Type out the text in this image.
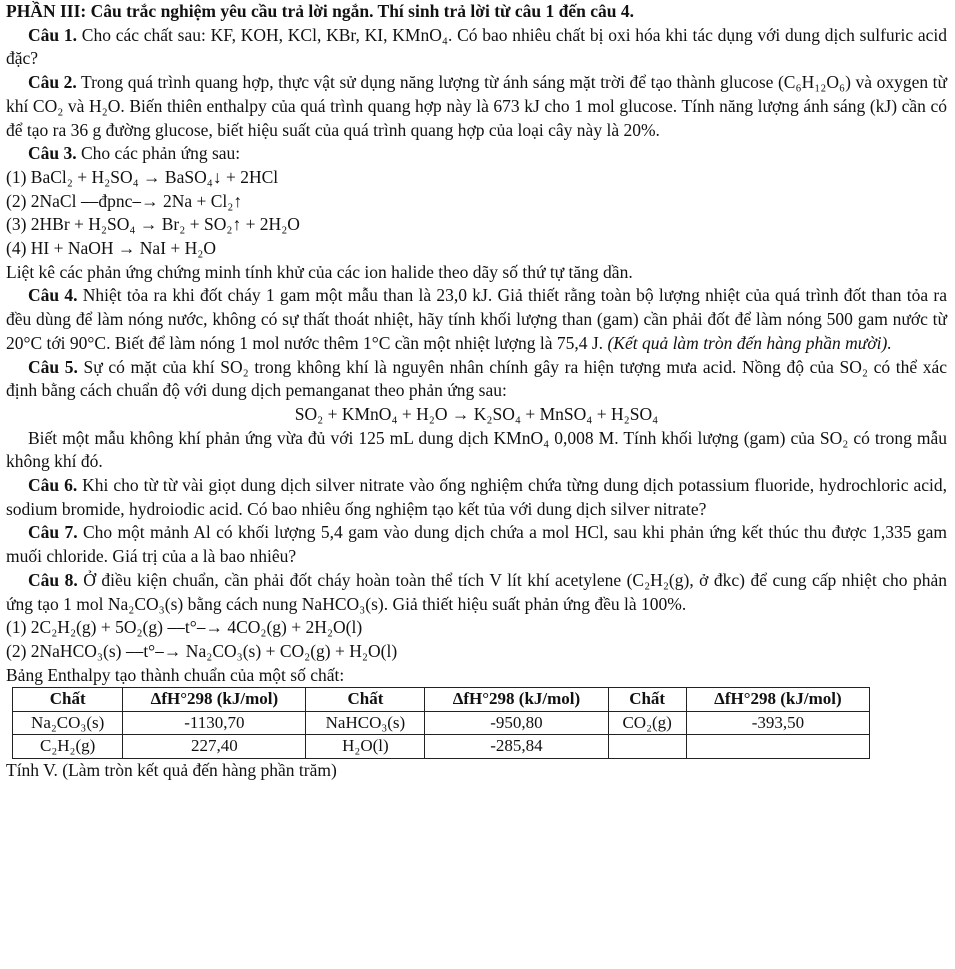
PHẦN III: Câu trắc nghiệm yêu cầu trả lời ngắn. Thí sinh trả lời từ câu 1 đến câu 4.

Câu 1. Cho các chất sau: KF, KOH, KCl, KBr, KI, KMnO₄. Có bao nhiêu chất bị oxi hóa khi tác dụng với dung dịch sulfuric acid đặc?

Câu 2. Trong quá trình quang hợp, thực vật sử dụng năng lượng từ ánh sáng mặt trời để tạo thành glucose (C₆H₁₂O₆) và oxygen từ khí CO₂ và H₂O. Biến thiên enthalpy của quá trình quang hợp này là 673 kJ cho 1 mol glucose. Tính năng lượng ánh sáng (kJ) cần có để tạo ra 36 g đường glucose, biết hiệu suất của quá trình quang hợp của loại cây này là 20%.

Câu 3. Cho các phản ứng sau:

(1) BaCl₂ + H₂SO₄ → BaSO₄↓ + 2HCl

(2) 2NaCl ⎯⎯đpnc⎯→ 2Na + Cl₂↑

(3) 2HBr + H₂SO₄ → Br₂ + SO₂↑ + 2H₂O

(4) HI + NaOH → NaI + H₂O

Liệt kê các phản ứng chứng minh tính khử của các ion halide theo dãy số thứ tự tăng dần.

Câu 4. Nhiệt tỏa ra khi đốt cháy 1 gam một mẫu than là 23,0 kJ. Giả thiết rằng toàn bộ lượng nhiệt của quá trình đốt than tỏa ra đều dùng để làm nóng nước, không có sự thất thoát nhiệt, hãy tính khối lượng than (gam) cần phải đốt để làm nóng 500 gam nước từ 20°C tới 90°C. Biết để làm nóng 1 mol nước thêm 1°C cần một nhiệt lượng là 75,4 J. (Kết quả làm tròn đến hàng phần mười).

Câu 5. Sự có mặt của khí SO₂ trong không khí là nguyên nhân chính gây ra hiện tượng mưa acid. Nồng độ của SO₂ có thể xác định bằng cách chuẩn độ với dung dịch pemanganat theo phản ứng sau:

SO₂ + KMnO₄ + H₂O → K₂SO₄ + MnSO₄ + H₂SO₄

Biết một mẫu không khí phản ứng vừa đủ với 125 mL dung dịch KMnO₄ 0,008 M. Tính khối lượng (gam) của SO₂ có trong mẫu không khí đó.

Câu 6. Khi cho từ từ vài giọt dung dịch silver nitrate vào ống nghiệm chứa từng dung dịch potassium fluoride, hydrochloric acid, sodium bromide, hydroiodic acid. Có bao nhiêu ống nghiệm tạo kết tủa với dung dịch silver nitrate?

Câu 7. Cho một mảnh Al có khối lượng 5,4 gam vào dung dịch chứa a mol HCl, sau khi phản ứng kết thúc thu được 1,335 gam muối chloride. Giá trị của a là bao nhiêu?

Câu 8. Ở điều kiện chuẩn, cần phải đốt cháy hoàn toàn thể tích V lít khí acetylene (C₂H₂(g), ở đkc) để cung cấp nhiệt cho phản ứng tạo 1 mol Na₂CO₃(s) bằng cách nung NaHCO₃(s). Giả thiết hiệu suất phản ứng đều là 100%.

(1) 2C₂H₂(g) + 5O₂(g) ⎯⎯t°⎯→ 4CO₂(g) + 2H₂O(l)

(2) 2NaHCO₃(s) ⎯⎯t°⎯→ Na₂CO₃(s) + CO₂(g) + H₂O(l)

Bảng Enthalpy tạo thành chuẩn của một số chất:

Chất	ΔfH°298 (kJ/mol)	Chất	ΔfH°298 (kJ/mol)	Chất	ΔfH°298 (kJ/mol)
Na₂CO₃(s)	-1130,70	NaHCO₃(s)	-950,80	CO₂(g)	-393,50
C₂H₂(g)	227,40	H₂O(l)	-285,84		

Tính V. (Làm tròn kết quả đến hàng phần trăm)
